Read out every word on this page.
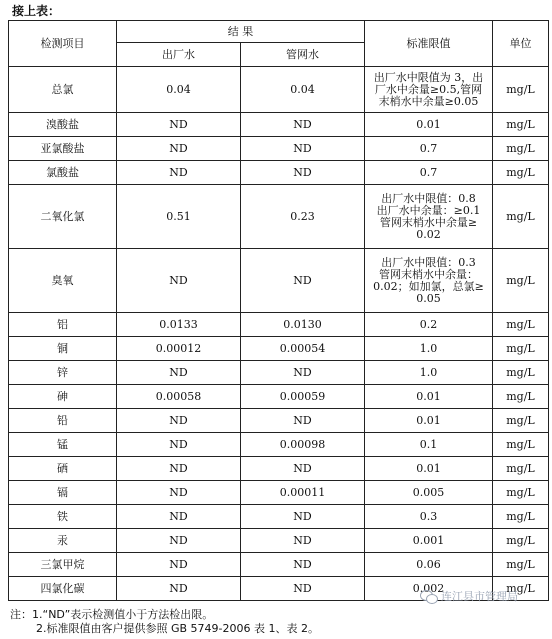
接上表：
检测项目	结 果		标准限值	单位
	出厂水	管网水		
总氯	0.04	0.04	出厂水中限值为 3，出
厂水中余量≥0.5,管网
末梢水中余量≥0.05	mg/L
溴酸盐	ND	ND	0.01	mg/L
亚氯酸盐	ND	ND	0.7	mg/L
氯酸盐	ND	ND	0.7	mg/L
二氧化氯	0.51	0.23	出厂水中限值：0.8
出厂水中余量：≥0.1
管网末梢水中余量≥
0.02	mg/L
臭氧	ND	ND	出厂水中限值：0.3
管网末梢水中余量：
0.02；如加氯，总氯≥
0.05	mg/L
铝	0.0133	0.0130	0.2	mg/L
铜	0.00012	0.00054	1.0	mg/L
锌	ND	ND	1.0	mg/L
砷	0.00058	0.00059	0.01	mg/L
铅	ND	ND	0.01	mg/L
锰	ND	0.00098	0.1	mg/L
硒	ND	ND	0.01	mg/L
镉	ND	0.00011	0.005	mg/L
铁	ND	ND	0.3	mg/L
汞	ND	ND	0.001	mg/L
三氯甲烷	ND	ND	0.06	mg/L
四氯化碳	ND	ND	0.002	mg/L
注：1.“ND”表示检测值小于方法检出限。
2.标准限值由客户提供参照 GB 5749-2006 表 1、表 2。
连江县市管理局
